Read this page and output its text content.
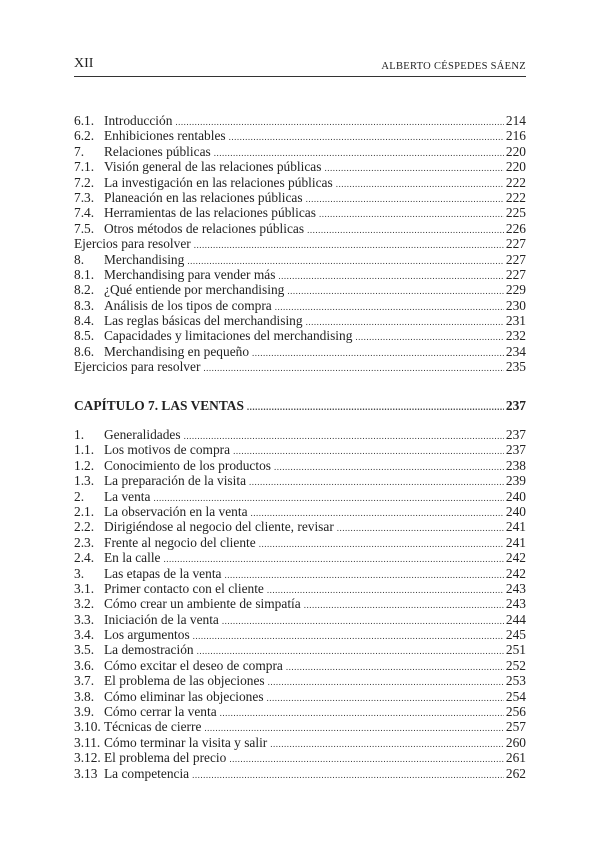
XII	ALBERTO CÉSPEDES SÁENZ
6.1. Introducción .....	214
6.2. Enhibiciones rentables .....	216
7. Relaciones públicas .....	220
7.1. Visión general de las relaciones públicas .....	220
7.2. La investigación en las relaciones públicas .....	222
7.3. Planeación en las relaciones públicas .....	222
7.4. Herramientas de las relaciones públicas .....	225
7.5. Otros métodos de relaciones públicas .....	226
Ejercios para resolver .....	227
8. Merchandising .....	227
8.1. Merchandising para vender más .....	227
8.2. ¿Qué entiende por merchandising .....	229
8.3. Análisis de los tipos de compra .....	230
8.4. Las reglas básicas del merchandising .....	231
8.5. Capacidades y limitaciones del merchandising .....	232
8.6. Merchandising en pequeño .....	234
Ejercicios para resolver .....	235
CAPÍTULO 7. LAS VENTAS .....	237
1. Generalidades .....	237
1.1. Los motivos de compra .....	237
1.2. Conocimiento de los productos .....	238
1.3. La preparación de la visita .....	239
2. La venta .....	240
2.1. La observación en la venta .....	240
2.2. Dirigiéndose al negocio del cliente, revisar .....	241
2.3. Frente al negocio del cliente .....	241
2.4. En la calle .....	242
3. Las etapas de la venta .....	242
3.1. Primer contacto con el cliente .....	243
3.2. Cómo crear un ambiente de simpatía .....	243
3.3. Iniciación de la venta .....	244
3.4. Los argumentos .....	245
3.5. La demostración .....	251
3.6. Cómo excitar el deseo de compra .....	252
3.7. El problema de las objeciones .....	253
3.8. Cómo eliminar las objeciones .....	254
3.9. Cómo cerrar la venta .....	256
3.10. Técnicas de cierre .....	257
3.11. Cómo terminar la visita y salir .....	260
3.12. El problema del precio .....	261
3.13 La competencia .....	262
